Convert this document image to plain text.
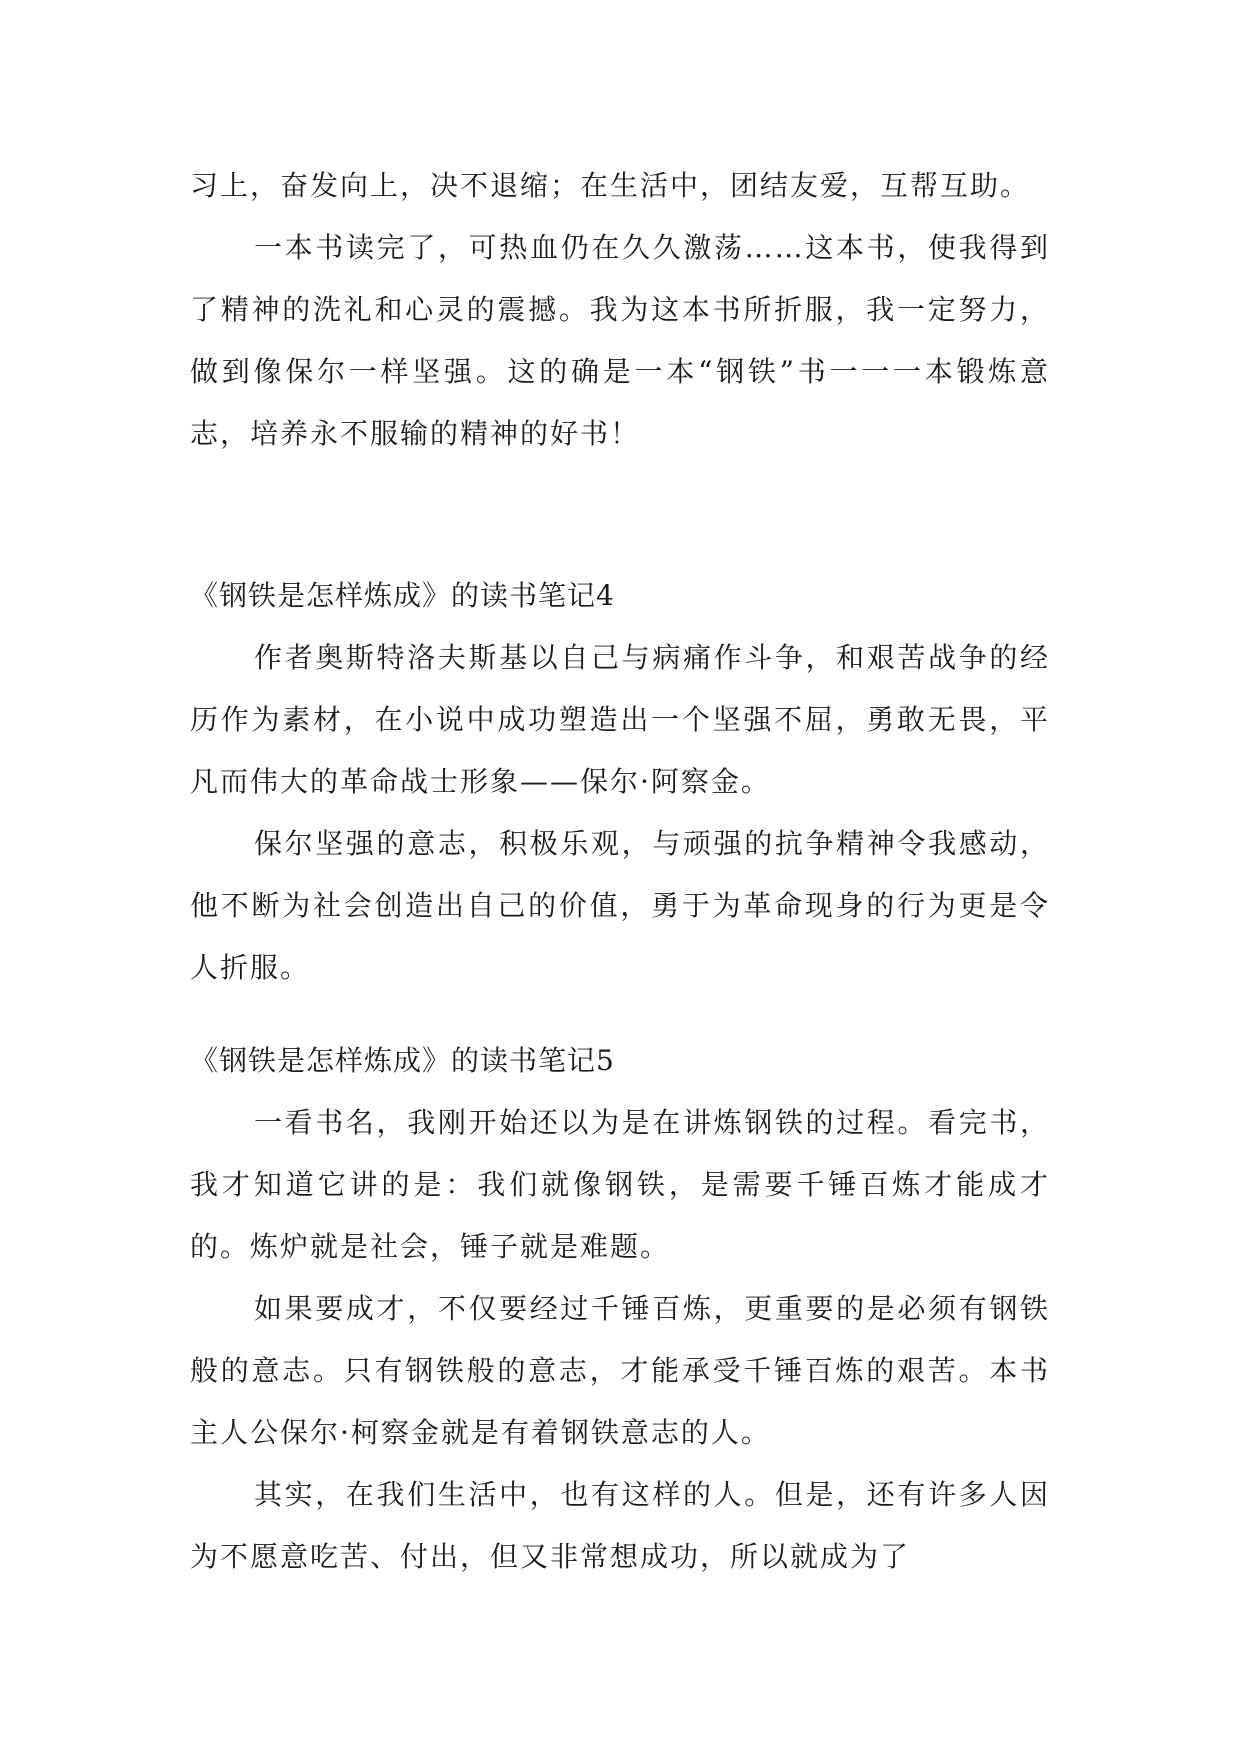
习上，奋发向上，决不退缩；在生活中，团结友爱，互帮互助。

一本书读完了，可热血仍在久久激荡……这本书，使我得到了精神的洗礼和心灵的震撼。我为这本书所折服，我一定努力，做到像保尔一样坚强。这的确是一本“钢铁”书一一一本锻炼意志，培养永不服输的精神的好书！

《钢铁是怎样炼成》的读书笔记4

作者奥斯特洛夫斯基以自己与病痛作斗争，和艰苦战争的经历作为素材，在小说中成功塑造出一个坚强不屈，勇敢无畏，平凡而伟大的革命战士形象——保尔·阿察金。

保尔坚强的意志，积极乐观，与顽强的抗争精神令我感动，他不断为社会创造出自己的价值，勇于为革命现身的行为更是令人折服。

《钢铁是怎样炼成》的读书笔记5

一看书名，我刚开始还以为是在讲炼钢铁的过程。看完书，我才知道它讲的是：我们就像钢铁，是需要千锤百炼才能成才的。炼炉就是社会，锤子就是难题。

如果要成才，不仅要经过千锤百炼，更重要的是必须有钢铁般的意志。只有钢铁般的意志，才能承受千锤百炼的艰苦。本书主人公保尔·柯察金就是有着钢铁意志的人。

其实，在我们生活中，也有这样的人。但是，还有许多人因为不愿意吃苦、付出，但又非常想成功，所以就成为了
